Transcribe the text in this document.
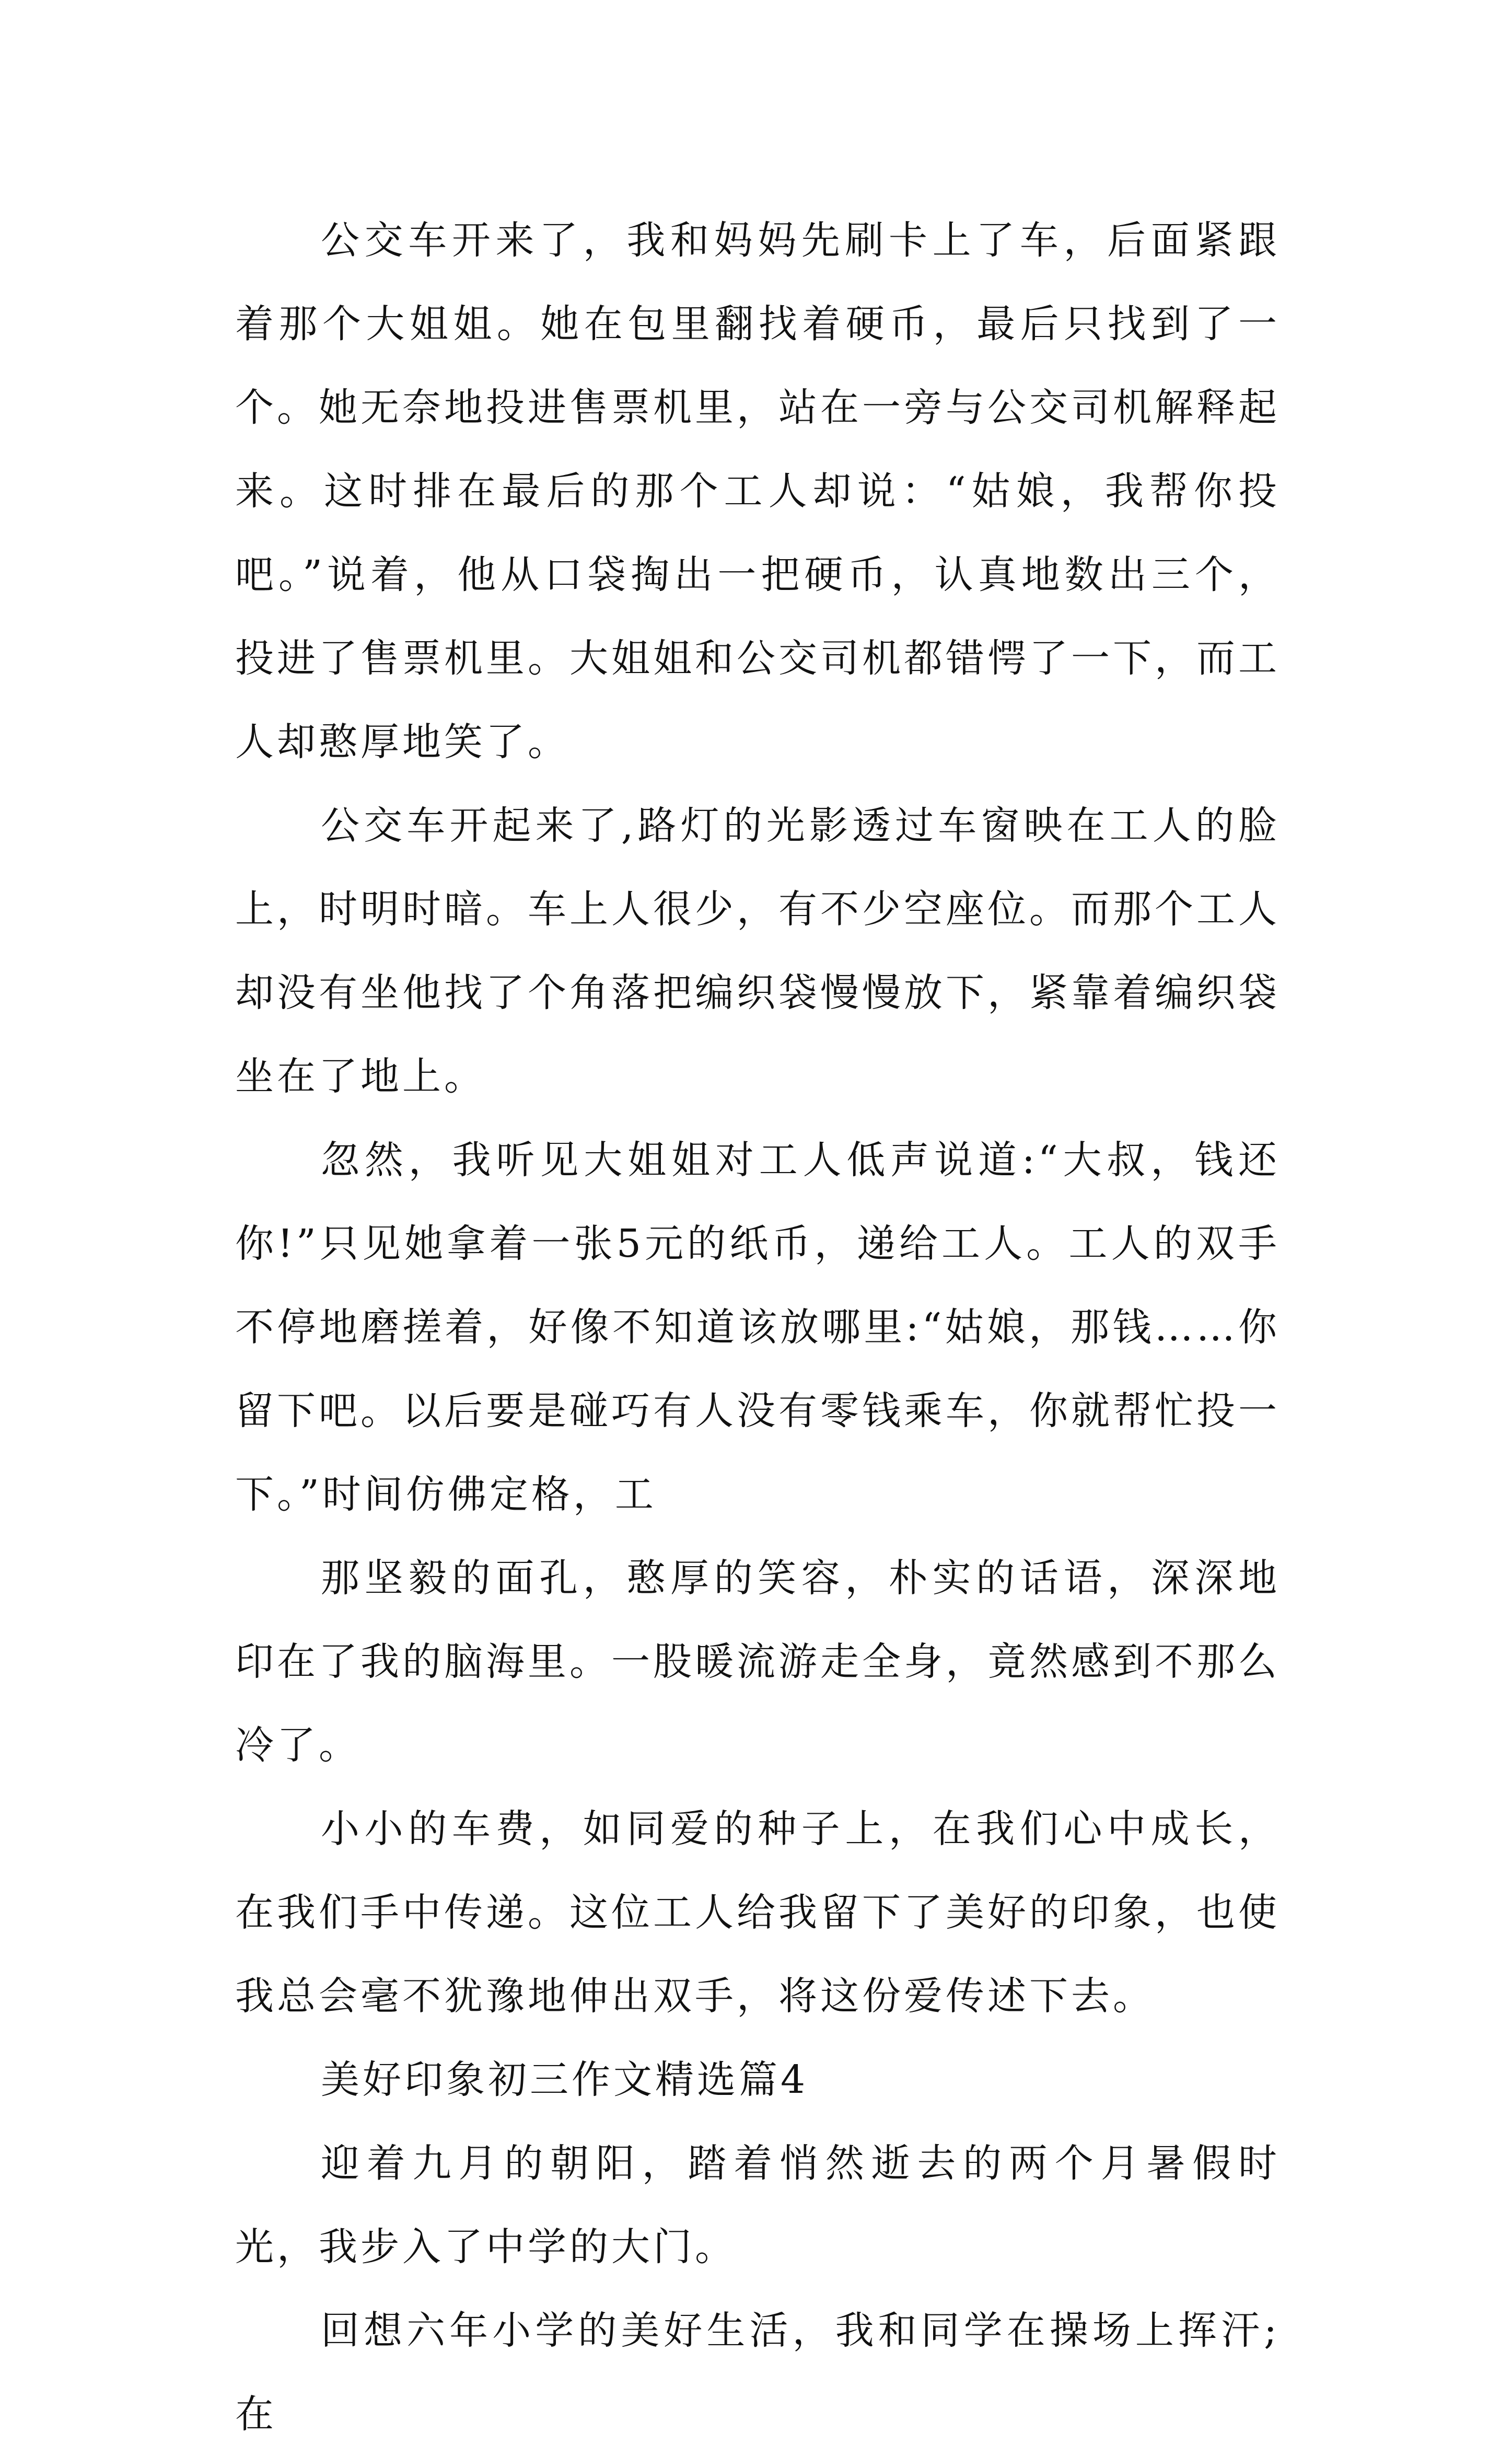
公交车开来了，我和妈妈先刷卡上了车，后面紧跟着那个大姐姐。她在包里翻找着硬币，最后只找到了一个。她无奈地投进售票机里，站在一旁与公交司机解释起来。这时排在最后的那个工人却说：“姑娘，我帮你投吧。”说着，他从口袋掏出一把硬币，认真地数出三个，投进了售票机里。大姐姐和公交司机都错愕了一下，而工人却憨厚地笑了。

公交车开起来了,路灯的光影透过车窗映在工人的脸上，时明时暗。车上人很少，有不少空座位。而那个工人却没有坐他找了个角落把编织袋慢慢放下，紧靠着编织袋坐在了地上。

忽然，我听见大姐姐对工人低声说道:“大叔，钱还你!”只见她拿着一张5元的纸币，递给工人。工人的双手不停地磨搓着，好像不知道该放哪里:“姑娘，那钱……你留下吧。以后要是碰巧有人没有零钱乘车，你就帮忙投一下。”时间仿佛定格，工

那坚毅的面孔，憨厚的笑容，朴实的话语，深深地印在了我的脑海里。一股暖流游走全身，竟然感到不那么冷了。

小小的车费，如同爱的种子上，在我们心中成长，在我们手中传递。这位工人给我留下了美好的印象，也使我总会毫不犹豫地伸出双手，将这份爱传述下去。

美好印象初三作文精选篇4

迎着九月的朝阳，踏着悄然逝去的两个月暑假时光，我步入了中学的大门。

回想六年小学的美好生活，我和同学在操场上挥汗;在
